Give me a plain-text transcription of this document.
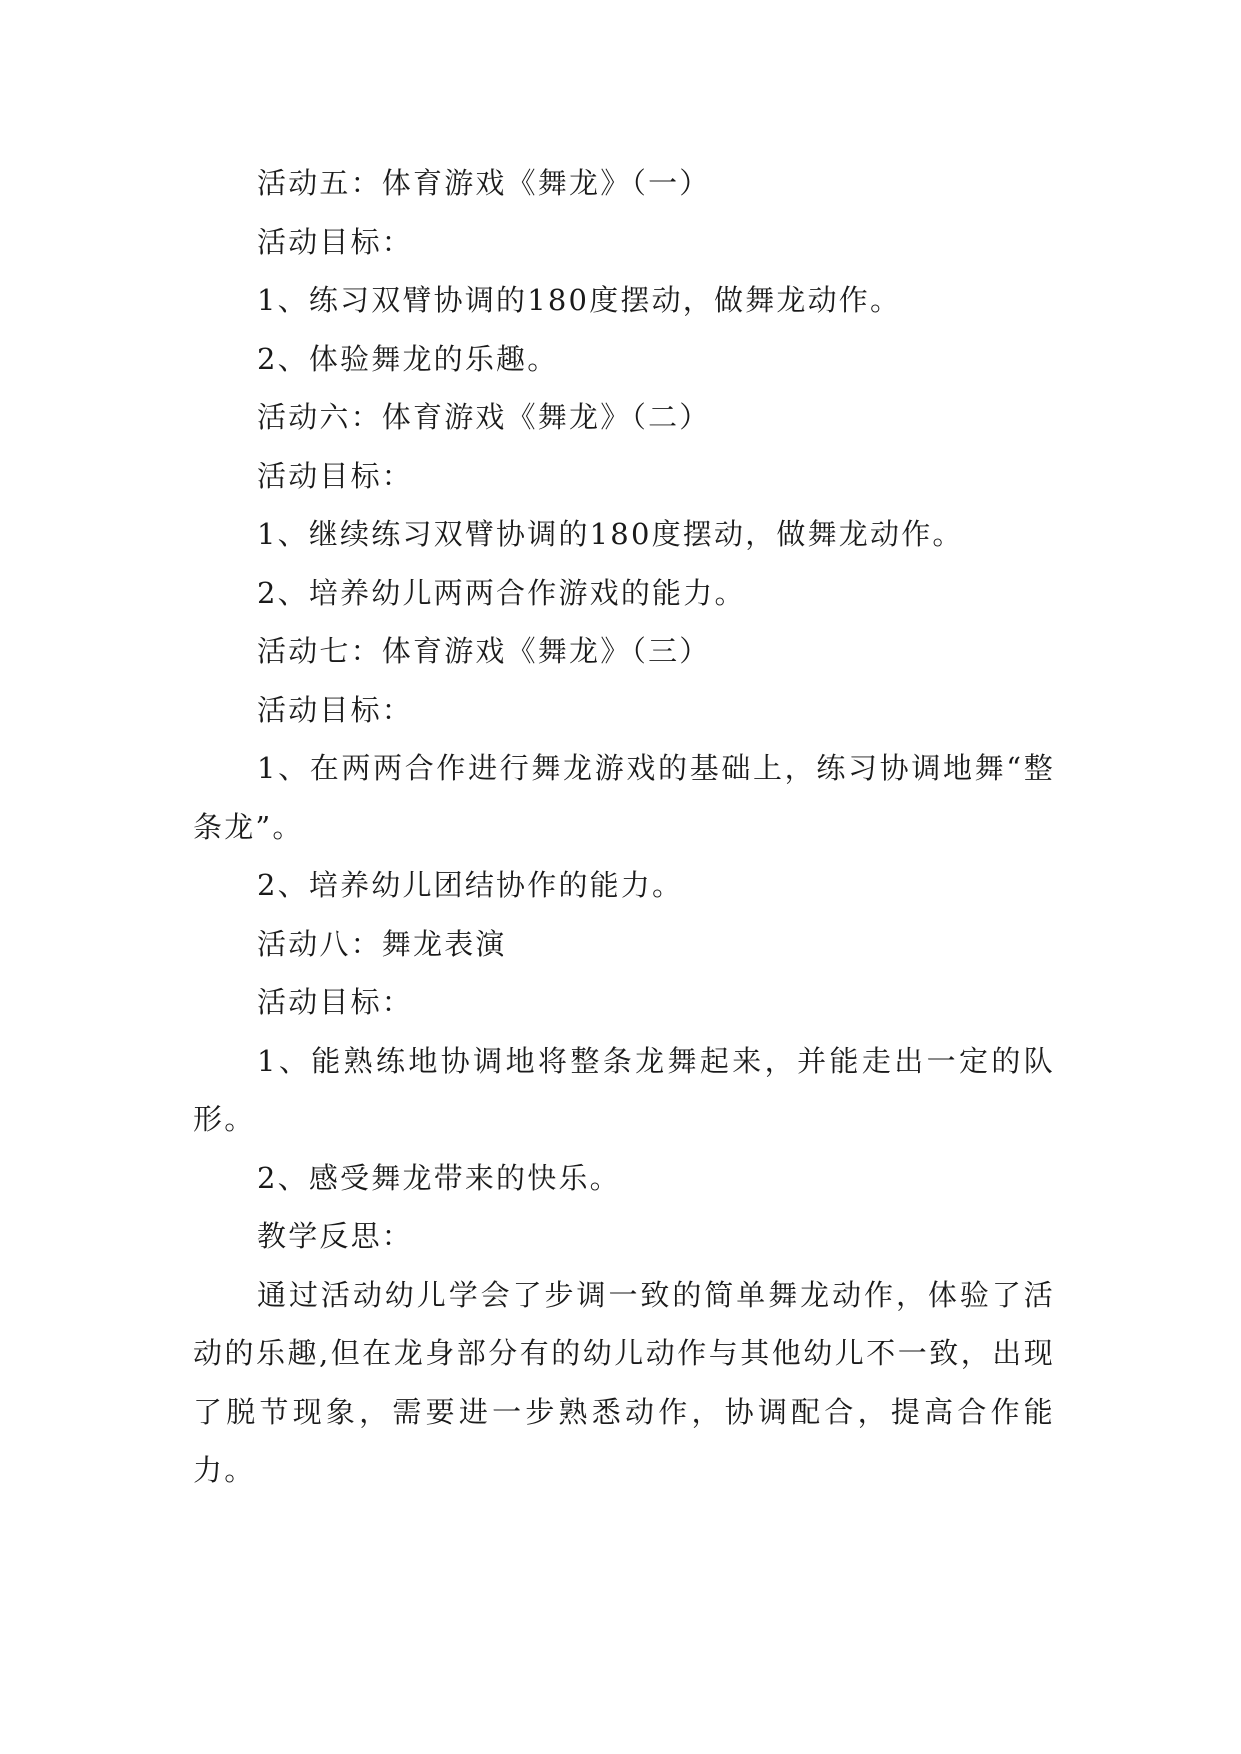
活动五：体育游戏《舞龙》（一）

活动目标：

1、练习双臂协调的180度摆动，做舞龙动作。

2、体验舞龙的乐趣。

活动六：体育游戏《舞龙》（二）

活动目标：

1、继续练习双臂协调的180度摆动，做舞龙动作。

2、培养幼儿两两合作游戏的能力。

活动七：体育游戏《舞龙》（三）

活动目标：

1、在两两合作进行舞龙游戏的基础上，练习协调地舞“整条龙”。

2、培养幼儿团结协作的能力。

活动八：舞龙表演

活动目标：

1、能熟练地协调地将整条龙舞起来，并能走出一定的队形。

2、感受舞龙带来的快乐。

教学反思：

通过活动幼儿学会了步调一致的简单舞龙动作，体验了活动的乐趣,但在龙身部分有的幼儿动作与其他幼儿不一致，出现了脱节现象，需要进一步熟悉动作，协调配合，提高合作能力。
